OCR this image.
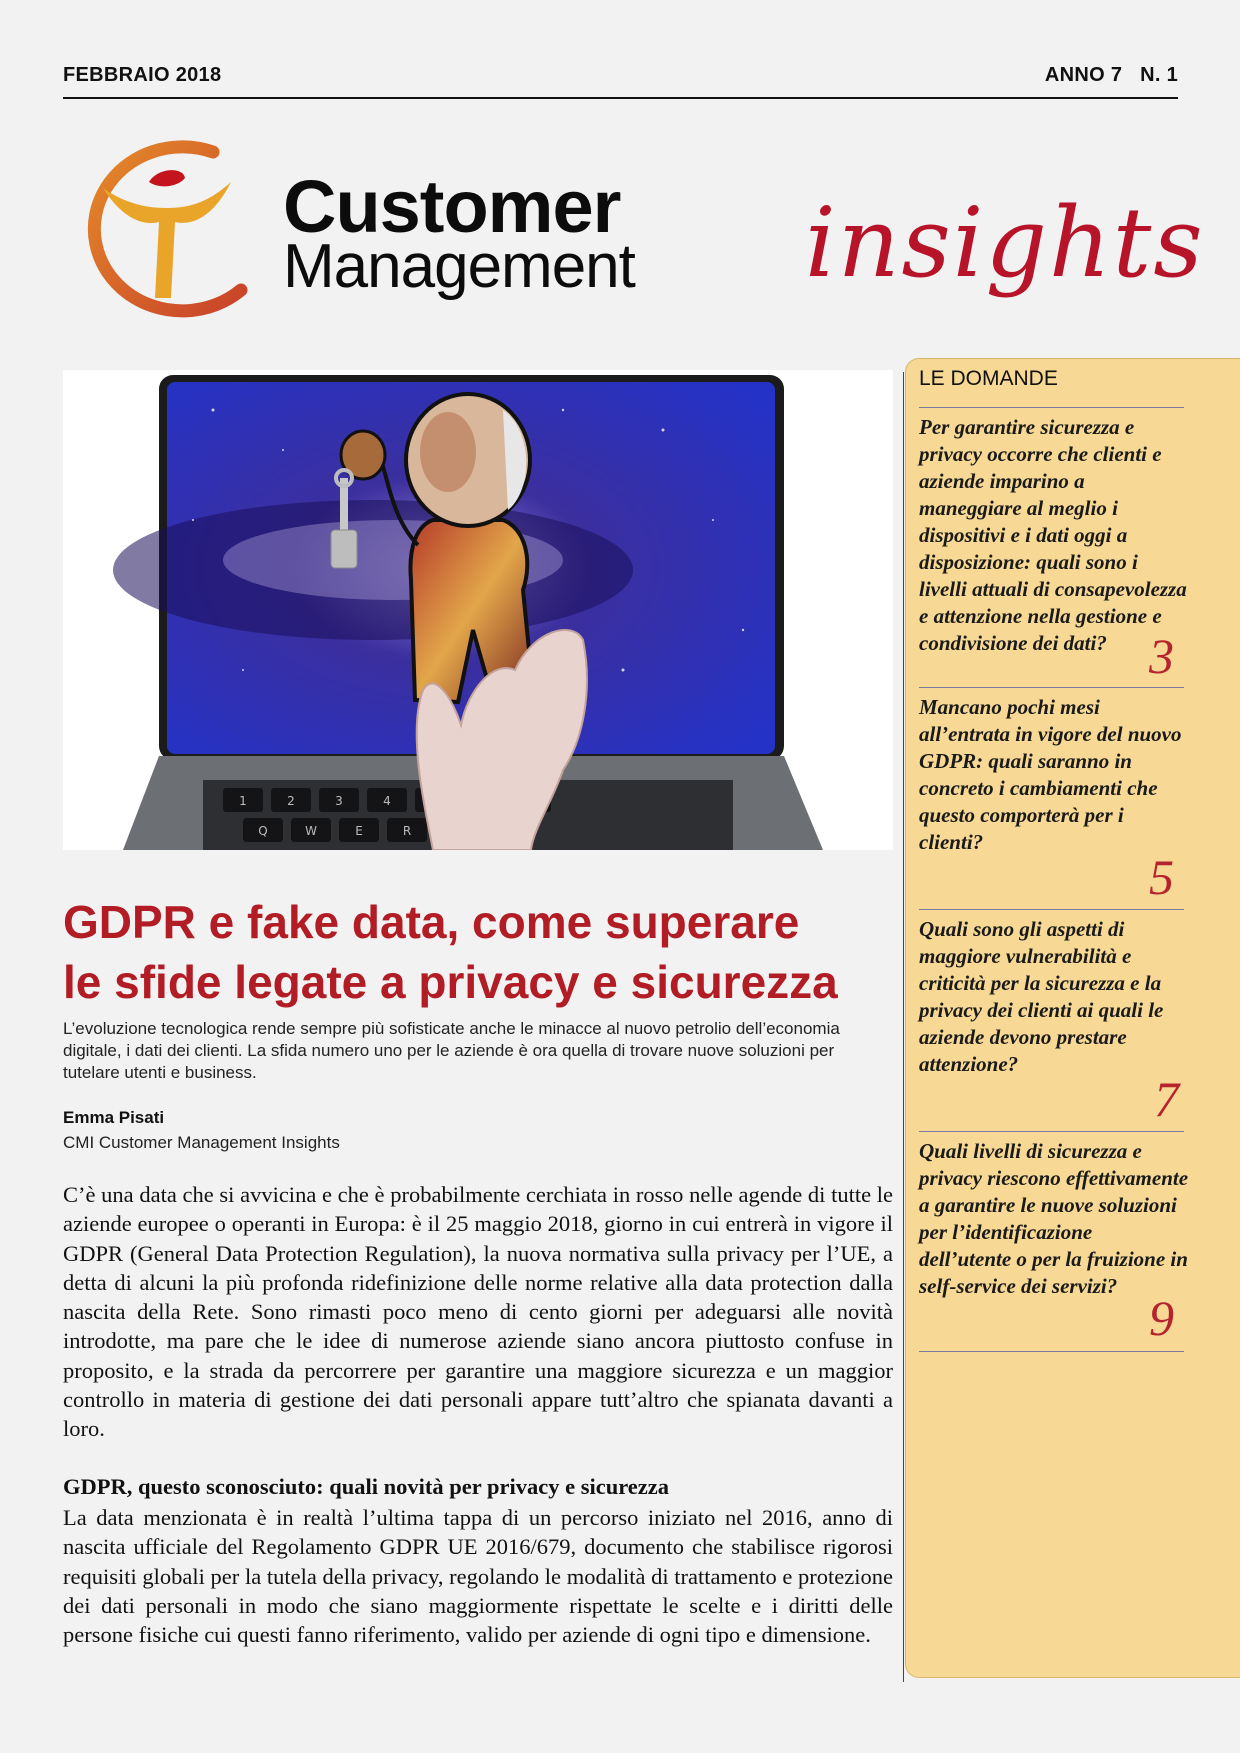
FEBBRAIO 2018	ANNO 7 N. 1
Customer
Management insights
1	2	3	4
Q	W	E	R
GDPR e fake data, come superare
le sfide legate a privacy e sicurezza

L’evoluzione tecnologica rende sempre più sofisticate anche le minacce al nuovo petrolio dell’economia digitale, i dati dei clienti. La sfida numero uno per le aziende è ora quella di trovare nuove soluzioni per tutelare utenti e business.

Emma Pisati
CMI Customer Management Insights

C’è una data che si avvicina e che è probabilmente cerchiata in rosso nelle agende di tutte le aziende europee o operanti in Europa: è il 25 maggio 2018, giorno in cui entrerà in vigore il GDPR (General Data Protection Regulation), la nuova normativa sulla privacy per l’UE, a detta di alcuni la più profonda ridefinizione delle norme relative alla data protection dalla nascita della Rete. Sono rimasti poco meno di cento giorni per adeguarsi alle novità introdotte, ma pare che le idee di numerose aziende siano ancora piuttosto confuse in proposito, e la strada da percorrere per garantire una maggiore sicurezza e un maggior controllo in materia di gestione dei dati personali appare tutt’altro che spianata davanti a loro.

GDPR, questo sconosciuto: quali novità per privacy e sicurezza

La data menzionata è in realtà l’ultima tappa di un percorso iniziato nel 2016, anno di nascita ufficiale del Regolamento GDPR UE 2016/679, documento che stabilisce rigorosi requisiti globali per la tutela della privacy, regolando le modalità di trattamento e protezione dei dati personali in modo che siano maggiormente rispettate le scelte e i diritti delle persone fisiche cui questi fanno riferimento, valido per aziende di ogni tipo e dimensione.

LE DOMANDE

Per garantire sicurezza e privacy occorre che clienti e aziende imparino a maneggiare al meglio i dispositivi e i dati oggi a disposizione: quali sono i livelli attuali di consapevolezza e attenzione nella gestione e condivisione dei dati? 3

Mancano pochi mesi all’entrata in vigore del nuovo GDPR: quali saranno in concreto i cambiamenti che questo comporterà per i clienti?

5

Quali sono gli aspetti di maggiore vulnerabilità e criticità per la sicurezza e la privacy dei clienti ai quali le aziende devono prestare attenzione?

7

Quali livelli di sicurezza e privacy riescono effettivamente a garantire le nuove soluzioni per l’identificazione dell’utente o per la fruizione in self-service dei servizi?

9
